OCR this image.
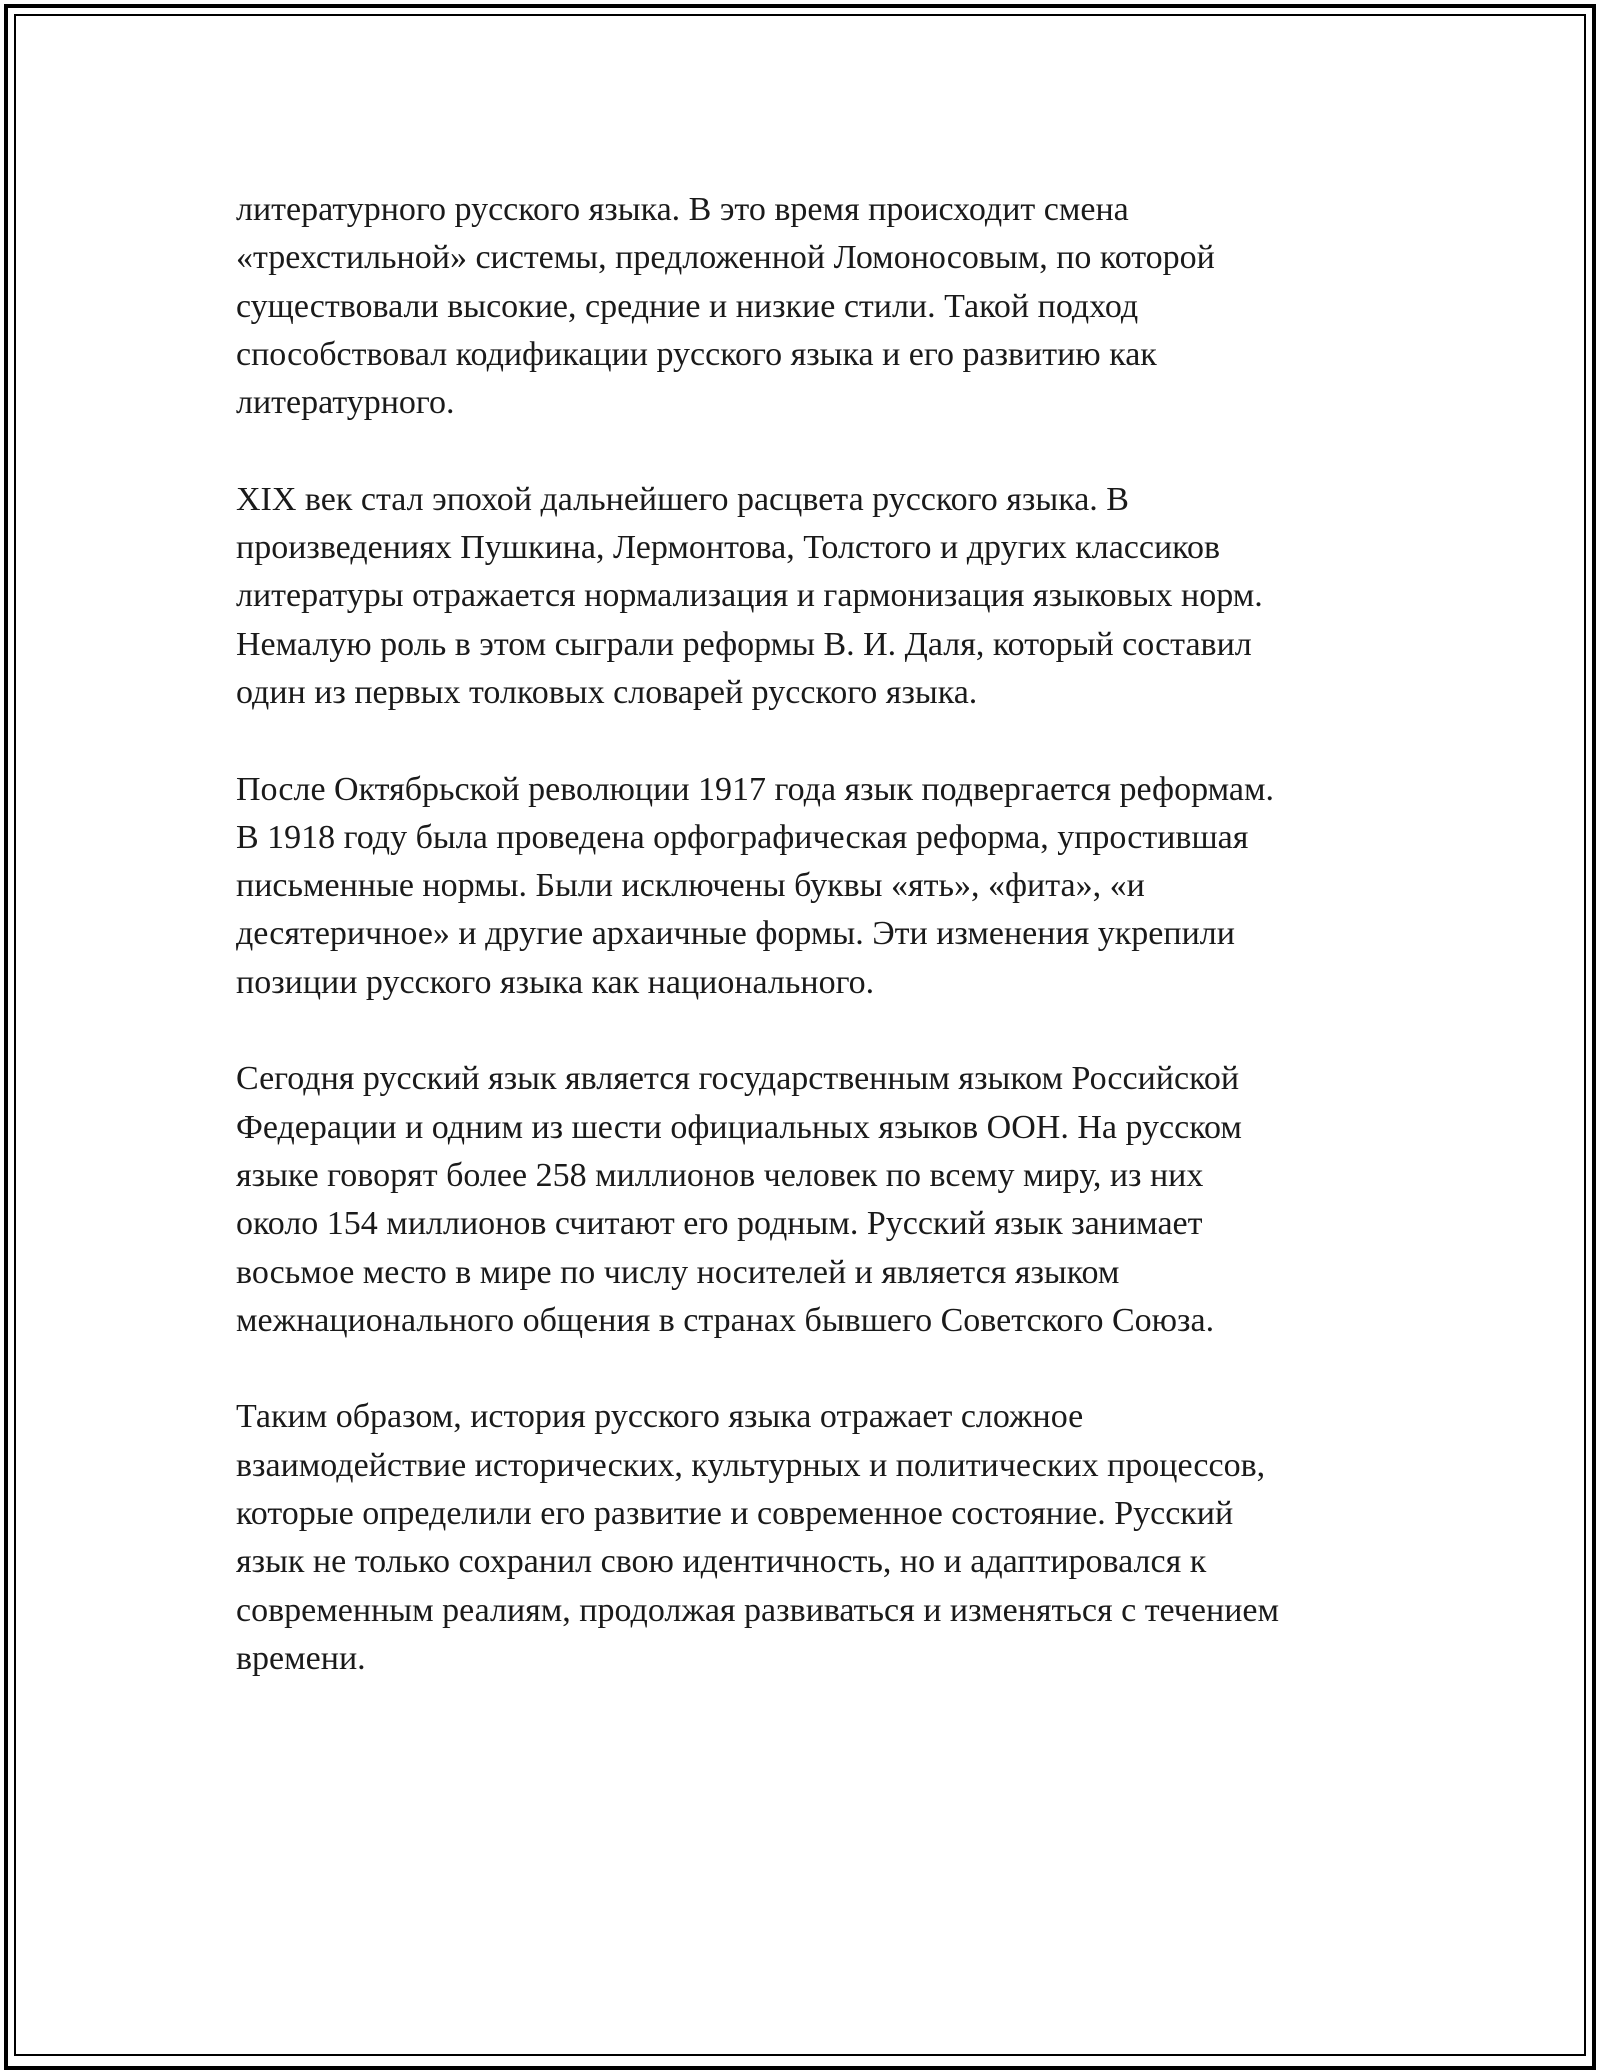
литературного русского языка. В это время происходит смена
«трехстильной» системы, предложенной Ломоносовым, по которой
существовали высокие, средние и низкие стили. Такой подход
способствовал кодификации русского языка и его развитию как
литературного.

XIX век стал эпохой дальнейшего расцвета русского языка. В
произведениях Пушкина, Лермонтова, Толстого и других классиков
литературы отражается нормализация и гармонизация языковых норм.
Немалую роль в этом сыграли реформы В. И. Даля, который составил
один из первых толковых словарей русского языка.

После Октябрьской революции 1917 года язык подвергается реформам.
В 1918 году была проведена орфографическая реформа, упростившая
письменные нормы. Были исключены буквы «ять», «фита», «и
десятеричное» и другие архаичные формы. Эти изменения укрепили
позиции русского языка как национального.

Сегодня русский язык является государственным языком Российской
Федерации и одним из шести официальных языков ООН. На русском
языке говорят более 258 миллионов человек по всему миру, из них
около 154 миллионов считают его родным. Русский язык занимает
восьмое место в мире по числу носителей и является языком
межнационального общения в странах бывшего Советского Союза.

Таким образом, история русского языка отражает сложное
взаимодействие исторических, культурных и политических процессов,
которые определили его развитие и современное состояние. Русский
язык не только сохранил свою идентичность, но и адаптировался к
современным реалиям, продолжая развиваться и изменяться с течением
времени.
